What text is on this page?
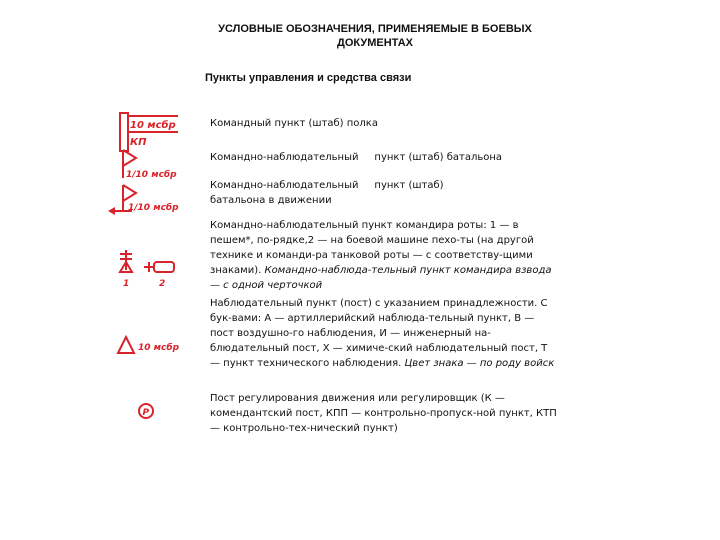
УСЛОВНЫЕ ОБОЗНАЧЕНИЯ, ПРИМЕНЯЕМЫЕ В БОЕВЫХ ДОКУМЕНТАХ
Пункты управления и средства связи
10 мсбр
КП
Командный пункт (штаб) полка
1/10 мсбр
Командно-наблюдательный пункт (штаб) батальона
1/10 мсбр
Командно-наблюдательный пункт (штаб)
батальона в движении
1	2
Командно-наблюдательный пункт командира роты: 1 — в пешем*, по-рядке,2 — на боевой машине пехо-ты (на другой технике и команди-ра танковой роты — с соответству-щими знаками). Командно-наблюда-тельный пункт командира взвода— с одной черточкой
10 мсбр
Наблюдательный пункт (пост) с указанием принадлежности. С бук-вами: А — артиллерийский наблюда-тельный пункт, В — пост воздушно-го наблюдения, И — инженерный на-блюдательный пост, Х — химиче-ский наблюдательный пост, Т — пункт технического наблюдения. Цвет знака — по роду войск
Р
Пост регулирования движения или регулировщик (К — комендантский пост, КПП — контрольно-пропуск-ной пункт, КТП — контрольно-тех-нический пункт)
